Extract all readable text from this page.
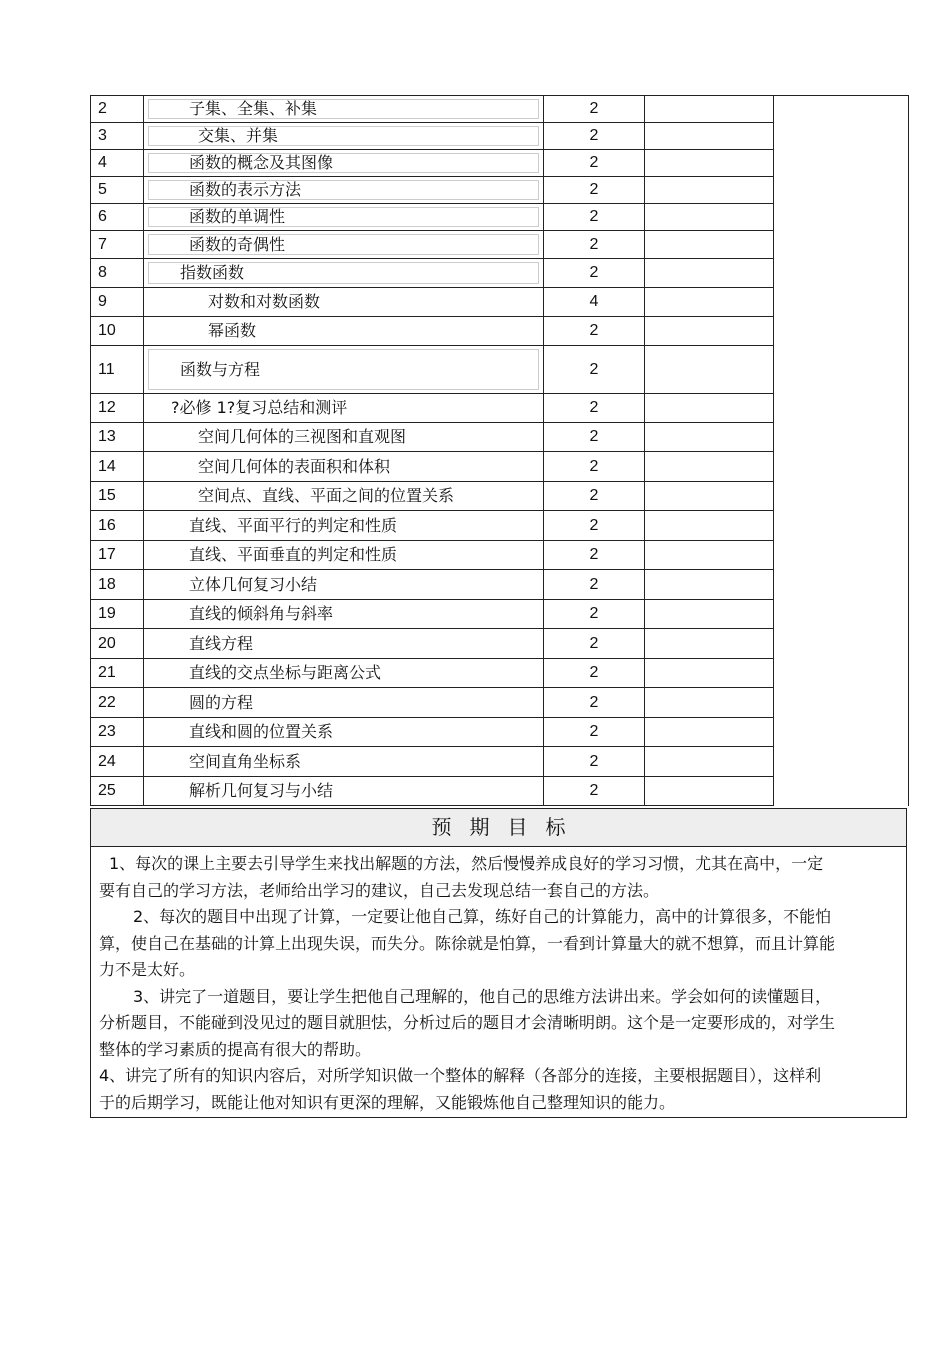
2	子集、全集、补集	2		
3	交集、并集	2		
4	函数的概念及其图像	2		
5	函数的表示方法	2		
6	函数的单调性	2		
7	函数的奇偶性	2		
8	指数函数	2		
9	对数和对数函数	4		
10	幂函数	2		
11	函数与方程	2		
12	?必修 1?复习总结和测评	2		
13	空间几何体的三视图和直观图	2		
14	空间几何体的表面积和体积	2		
15	空间点、直线、平面之间的位置关系	2		
16	直线、平面平行的判定和性质	2		
17	直线、平面垂直的判定和性质	2		
18	立体几何复习小结	2		
19	直线的倾斜角与斜率	2		
20	直线方程	2		
21	直线的交点坐标与距离公式	2		
22	圆的方程	2		
23	直线和圆的位置关系	2		
24	空间直角坐标系	2		
25	解析几何复习与小结	2		
预期目标

1、每次的课上主要去引导学生来找出解题的方法，然后慢慢养成良好的学习习惯，尤其在高中，一定要有自己的学习方法，老师给出学习的建议，自己去发现总结一套自己的方法。

2、每次的题目中出现了计算，一定要让他自己算，练好自己的计算能力，高中的计算很多，不能怕算，使自己在基础的计算上出现失误，而失分。陈徐就是怕算，一看到计算量大的就不想算，而且计算能力不是太好。

3、讲完了一道题目，要让学生把他自己理解的，他自己的思维方法讲出来。学会如何的读懂题目，分析题目，不能碰到没见过的题目就胆怯，分析过后的题目才会清晰明朗。这个是一定要形成的，对学生整体的学习素质的提高有很大的帮助。

4、讲完了所有的知识内容后，对所学知识做一个整体的解释（各部分的连接，主要根据题目），这样利于的后期学习，既能让他对知识有更深的理解，又能锻炼他自己整理知识的能力。
